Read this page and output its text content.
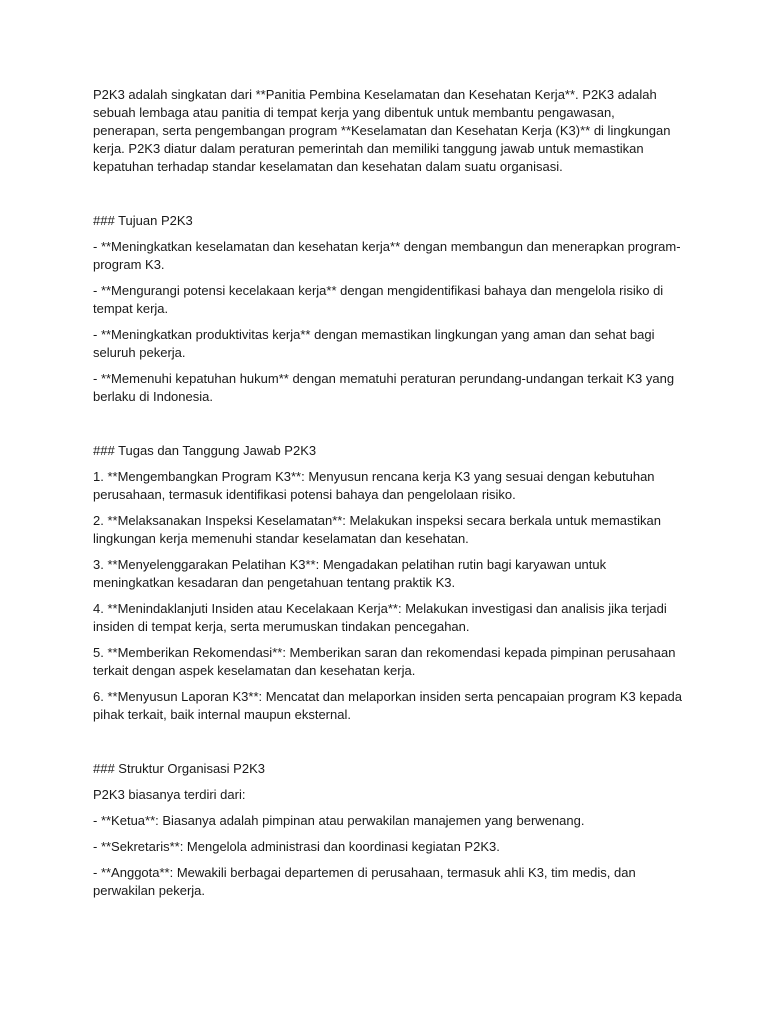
P2K3 adalah singkatan dari **Panitia Pembina Keselamatan dan Kesehatan Kerja**. P2K3 adalah sebuah lembaga atau panitia di tempat kerja yang dibentuk untuk membantu pengawasan, penerapan, serta pengembangan program **Keselamatan dan Kesehatan Kerja (K3)** di lingkungan kerja. P2K3 diatur dalam peraturan pemerintah dan memiliki tanggung jawab untuk memastikan kepatuhan terhadap standar keselamatan dan kesehatan dalam suatu organisasi.

### Tujuan P2K3

- **Meningkatkan keselamatan dan kesehatan kerja** dengan membangun dan menerapkan program-program K3.

- **Mengurangi potensi kecelakaan kerja** dengan mengidentifikasi bahaya dan mengelola risiko di tempat kerja.

- **Meningkatkan produktivitas kerja** dengan memastikan lingkungan yang aman dan sehat bagi seluruh pekerja.

- **Memenuhi kepatuhan hukum** dengan mematuhi peraturan perundang-undangan terkait K3 yang berlaku di Indonesia.

### Tugas dan Tanggung Jawab P2K3

1. **Mengembangkan Program K3**: Menyusun rencana kerja K3 yang sesuai dengan kebutuhan perusahaan, termasuk identifikasi potensi bahaya dan pengelolaan risiko.

2. **Melaksanakan Inspeksi Keselamatan**: Melakukan inspeksi secara berkala untuk memastikan lingkungan kerja memenuhi standar keselamatan dan kesehatan.

3. **Menyelenggarakan Pelatihan K3**: Mengadakan pelatihan rutin bagi karyawan untuk meningkatkan kesadaran dan pengetahuan tentang praktik K3.

4. **Menindaklanjuti Insiden atau Kecelakaan Kerja**: Melakukan investigasi dan analisis jika terjadi insiden di tempat kerja, serta merumuskan tindakan pencegahan.

5. **Memberikan Rekomendasi**: Memberikan saran dan rekomendasi kepada pimpinan perusahaan terkait dengan aspek keselamatan dan kesehatan kerja.

6. **Menyusun Laporan K3**: Mencatat dan melaporkan insiden serta pencapaian program K3 kepada pihak terkait, baik internal maupun eksternal.

### Struktur Organisasi P2K3

P2K3 biasanya terdiri dari:

- **Ketua**: Biasanya adalah pimpinan atau perwakilan manajemen yang berwenang.

- **Sekretaris**: Mengelola administrasi dan koordinasi kegiatan P2K3.

- **Anggota**: Mewakili berbagai departemen di perusahaan, termasuk ahli K3, tim medis, dan perwakilan pekerja.
